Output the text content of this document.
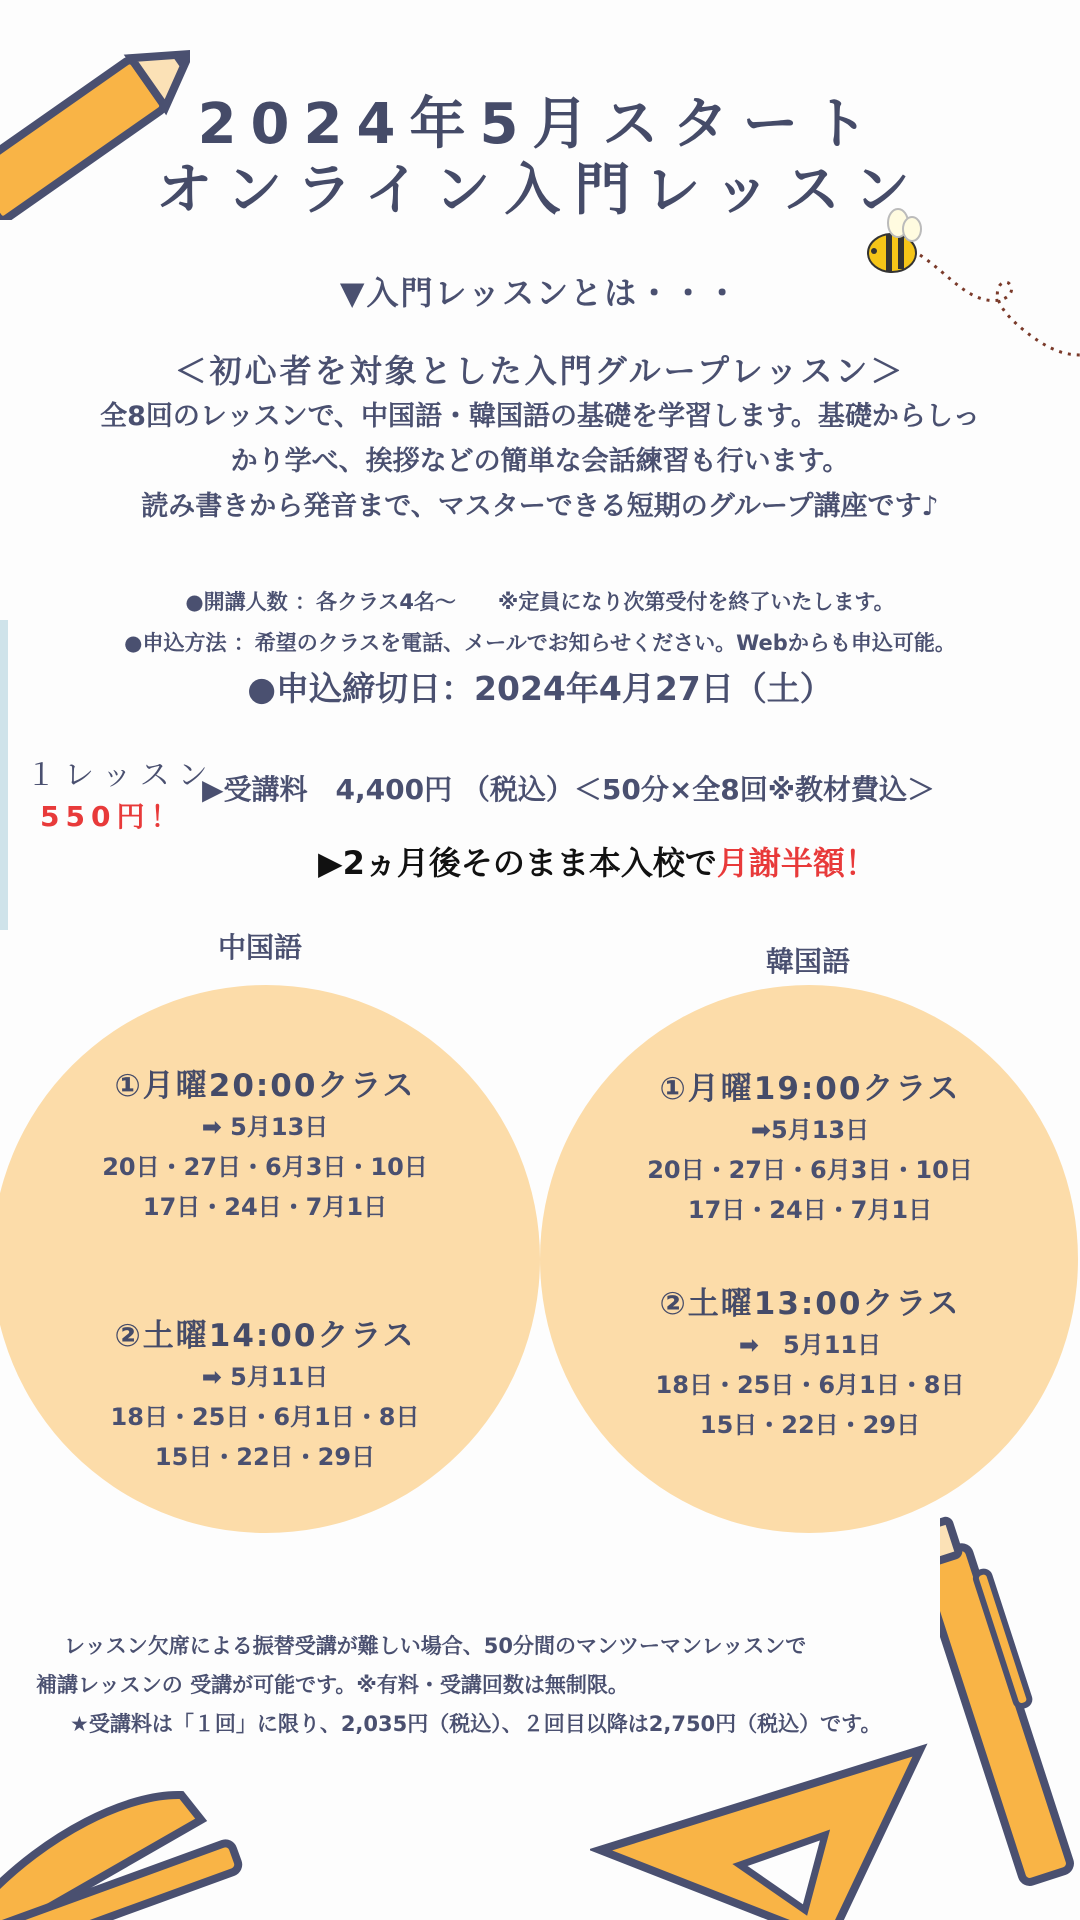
2024年5月スタート
オンライン入門レッスン
▼入門レッスンとは・・・
＜初心者を対象とした入門グループレッスン＞
全8回のレッスンで、中国語・韓国語の基礎を学習します。基礎からしっ
かり学べ、挨拶などの簡単な会話練習も行います。
読み書きから発音まで、マスターできる短期のグループ講座です♪
●開講人数 ：各クラス4名～　　※定員になり次第受付を終了いたします。
●申込方法 ：希望のクラスを電話、メールでお知らせください。Webからも申込可能。
●申込締切日：2024年4月27日（土）
１レッスン
550円！
▶受講料　4,400円 （税込）＜50分×全8回※教材費込＞
▶2ヵ月後そのまま本入校で月謝半額！
中国語	韓国語
①月曜20:00クラス
➡ 5月13日
20日・27日・6月3日・10日
17日・24日・7月1日
②土曜14:00クラス
➡ 5月11日
18日・25日・6月1日・8日
15日・22日・29日
①月曜19:00クラス
➡5月13日
20日・27日・6月3日・10日
17日・24日・7月1日
②土曜13:00クラス
➡　5月11日
18日・25日・6月1日・8日
15日・22日・29日
レッスン欠席による振替受講が難しい場合、50分間のマンツーマンレッスンで
補講レッスンの 受講が可能です。※有料・受講回数は無制限。
★受講料は「１回」に限り、2,035円（税込）、２回目以降は2,750円（税込）です。
